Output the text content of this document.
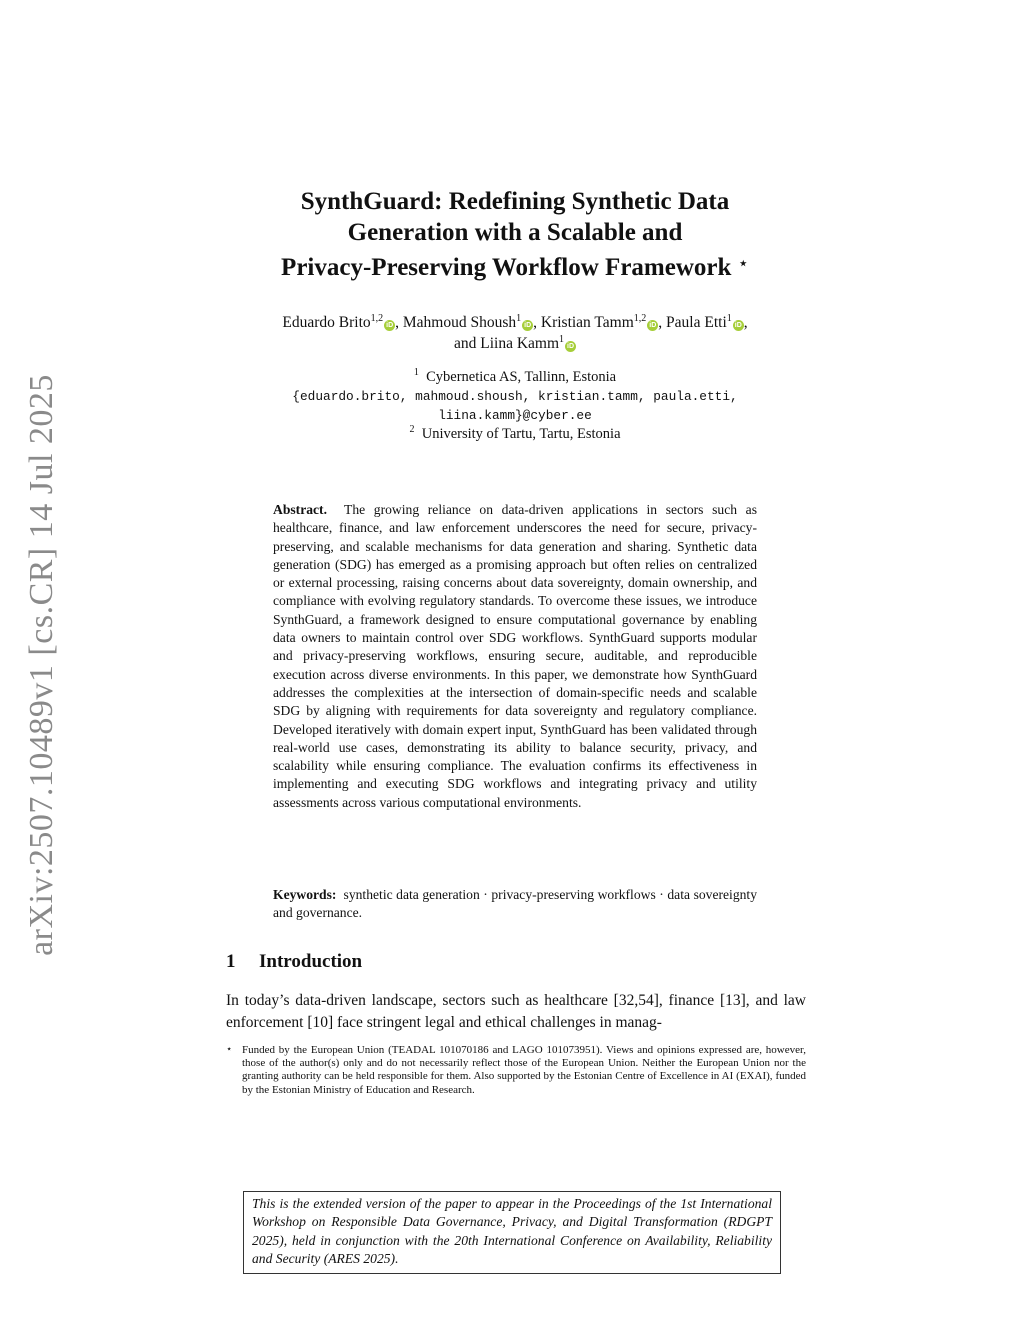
arXiv:2507.10489v1 [cs.CR] 14 Jul 2025
SynthGuard: Redefining Synthetic Data
Generation with a Scalable and
Privacy-Preserving Workflow Framework ⋆
Eduardo Brito$^{1,2}$iD , Mahmoud Shoush$^1$iD , Kristian Tamm$^{1,2}$iD , Paula Etti$^1$iD ,
and Liina Kamm$^1$iD
$^1$ Cybernetica AS, Tallinn, Estonia
{eduardo.brito, mahmoud.shoush, kristian.tamm, paula.etti,
liina.kamm}@cyber.ee
$^2$ University of Tartu, Tartu, Estonia
Abstract. The growing reliance on data-driven applications in sectors such as healthcare, finance, and law enforcement underscores the need for secure, privacy-preserving, and scalable mechanisms for data generation and sharing. Synthetic data generation (SDG) has emerged as a promising approach but often relies on centralized or external processing, raising concerns about data sovereignty, domain ownership, and compliance with evolving regulatory standards. To overcome these issues, we introduce SynthGuard, a framework designed to ensure computational governance by enabling data owners to maintain control over SDG workflows. SynthGuard supports modular and privacy-preserving workflows, ensuring secure, auditable, and reproducible execution across diverse environments. In this paper, we demonstrate how SynthGuard addresses the complexities at the intersection of domain-specific needs and scalable SDG by aligning with requirements for data sovereignty and regulatory compliance. Developed iteratively with domain expert input, SynthGuard has been validated through real-world use cases, demonstrating its ability to balance security, privacy, and scalability while ensuring compliance. The evaluation confirms its effectiveness in implementing and executing SDG workflows and integrating privacy and utility assessments across various computational environments.
Keywords: synthetic data generation · privacy-preserving workflows · data sovereignty and governance.
1 Introduction
In today’s data-driven landscape, sectors such as healthcare [32,54], finance [13], and law enforcement [10] face stringent legal and ethical challenges in manag-
⋆ Funded by the European Union (TEADAL 101070186 and LAGO 101073951). Views and opinions expressed are, however, those of the author(s) only and do not necessarily reflect those of the European Union. Neither the European Union nor the granting authority can be held responsible for them. Also supported by the Estonian Centre of Excellence in AI (EXAI), funded by the Estonian Ministry of Education and Research.
This is the extended version of the paper to appear in the Proceedings of the 1st International Workshop on Responsible Data Governance, Privacy, and Digital Transformation (RDGPT 2025), held in conjunction with the 20th International Conference on Availability, Reliability and Security (ARES 2025).
